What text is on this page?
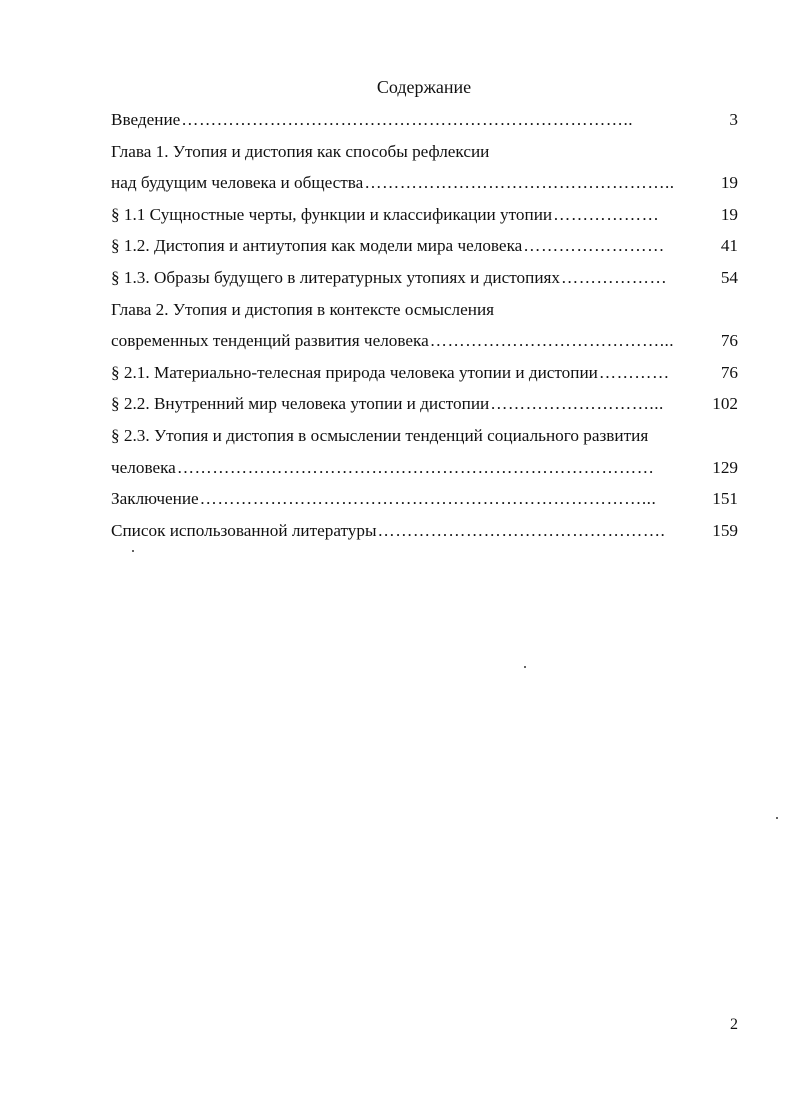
Содержание
Введение …………………………………………………………………..	3
Глава 1. Утопия и дистопия как способы рефлексии
над будущим человека и общества ……………………………………………..	19
§ 1.1 Сущностные черты, функции и классификации утопии ………………	19
§ 1.2. Дистопия и антиутопия как модели мира человека ……………………	41
§ 1.3. Образы будущего в литературных утопиях и дистопиях ………………	54
Глава 2. Утопия и дистопия в контексте осмысления
современных тенденций развития человека …………………………………...	76
§ 2.1. Материально-телесная природа человека утопии и дистопии …………	76
§ 2.2. Внутренний мир человека утопии и дистопии ………………………...	102
§ 2.3. Утопия и дистопия в осмыслении тенденций социального развития
человека ………………………………………………………………………	129
Заключение …………………………………………………………………...	151
Список использованной литературы ………………………………………….	159
2
